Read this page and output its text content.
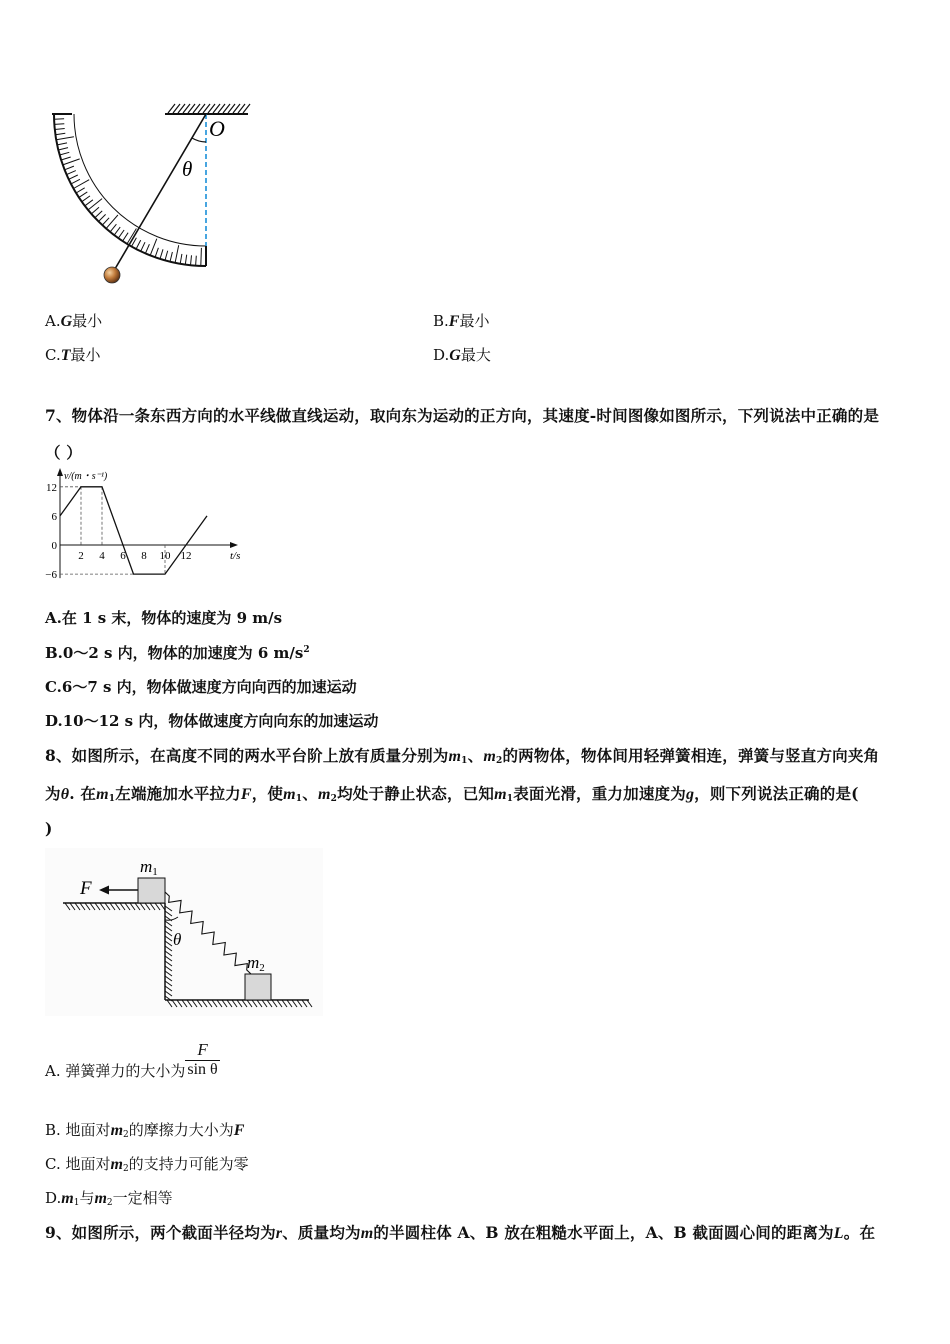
O
θ
A.G最小	B.F最小
C.T最小	D.G最大
7、物体沿一条东西方向的水平线做直线运动，取向东为运动的正方向，其速度-时间图像如图所示，下列说法中正确的是
（ ）
12
6
0
−6
2 4 6 8 10 12
v/(m・s⁻¹)
t/s
A.在 1 s 末，物体的速度为 9 m/s
B.0～2 s 内，物体的加速度为 6 $m/s^2$
C.6～7 s 内，物体做速度方向向西的加速运动
D.10～12 s 内，物体做速度方向向东的加速运动
8、如图所示，在高度不同的两水平台阶上放有质量分别为$m_1$、$m_2$的两物体，物体间用轻弹簧相连，弹簧与竖直方向夹角
为θ. 在$m_1$左端施加水平拉力F，使$m_1$、$m_2$均处于静止状态，已知$m_1$表面光滑，重力加速度为g，则下列说法正确的是(
)
F
m1
m2
θ
A. 弹簧弹力的大小为 $\frac{F}{\text{sin θ}}$
B. 地面对$m_2$的摩擦力大小为F
C. 地面对$m_2$的支持力可能为零
$D.m_1$与$m_2$一定相等
9、如图所示，两个截面半径均为r、质量均为m的半圆柱体 A、B 放在粗糙水平面上，A、B 截面圆心间的距离为L。在
